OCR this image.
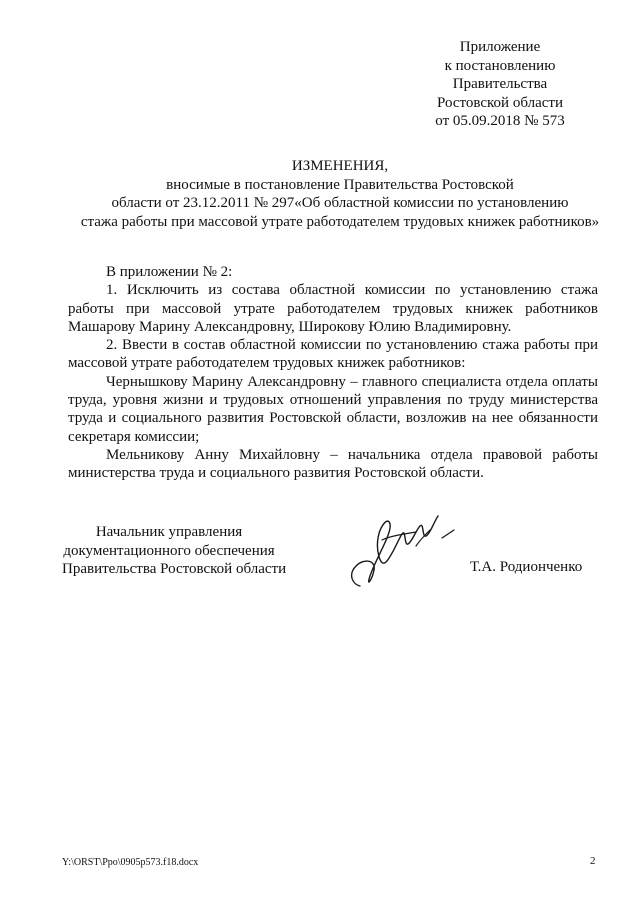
Приложение
к постановлению
Правительства
Ростовской области
от 05.09.2018 № 573
ИЗМЕНЕНИЯ,
вносимые в постановление Правительства Ростовской
области от 23.12.2011 № 297«Об областной комиссии по установлению
стажа работы при массовой утрате работодателем трудовых книжек работников»

В приложении № 2:

1. Исключить из состава областной комиссии по установлению стажа работы при массовой утрате работодателем трудовых книжек работников Машарову Марину Александровну, Широкову Юлию Владимировну.

2. Ввести в состав областной комиссии по установлению стажа работы при массовой утрате работодателем трудовых книжек работников:

Чернышкову Марину Александровну – главного специалиста отдела оплаты труда, уровня жизни и трудовых отношений управления по труду министерства труда и социального развития Ростовской области, возложив на нее обязанности секретаря комиссии;

Мельникову Анну Михайловну – начальника отдела правовой работы министерства труда и социального развития Ростовской области.

Начальник управления
документационного обеспечения
Правительства Ростовской области	Т.А. Родионченко
Y:\ORST\Ppo\0905p573.f18.docx	2
